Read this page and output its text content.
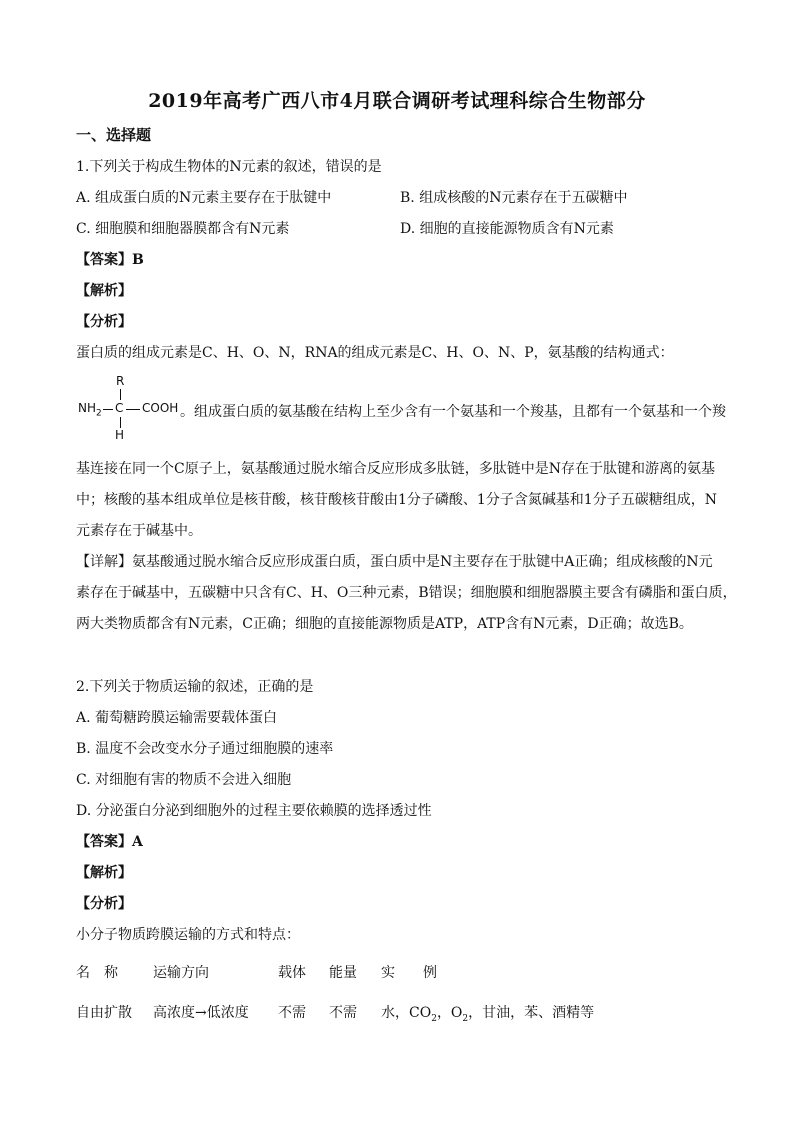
2019年高考广西八市4月联合调研考试理科综合生物部分
一、选择题
1.下列关于构成生物体的N元素的叙述，错误的是
A. 组成蛋白质的N元素主要存在于肽键中	B. 组成核酸的N元素存在于五碳糖中
C. 细胞膜和细胞器膜都含有N元素	D. 细胞的直接能源物质含有N元素
【答案】B
【解析】
【分析】
蛋白质的组成元素是C、H、O、N，RNA的组成元素是C、H、O、N、P，氨基酸的结构通式：
R
$NH_2$ C COOH
H
。组成蛋白质的氨基酸在结构上至少含有一个氨基和一个羧基，且都有一个氨基和一个羧
基连接在同一个C原子上，氨基酸通过脱水缩合反应形成多肽链，多肽链中是N存在于肽键和游离的氨基
中；核酸的基本组成单位是核苷酸，核苷酸核苷酸由1分子磷酸、1分子含氮碱基和1分子五碳糖组成，N
元素存在于碱基中。
【详解】氨基酸通过脱水缩合反应形成蛋白质，蛋白质中是N主要存在于肽键中A正确；组成核酸的N元
素存在于碱基中，五碳糖中只含有C、H、O三种元素，B错误；细胞膜和细胞器膜主要含有磷脂和蛋白质，
两大类物质都含有N元素，C正确；细胞的直接能源物质是ATP，ATP含有N元素，D正确；故选B。
2.下列关于物质运输的叙述，正确的是
A. 葡萄糖跨膜运输需要载体蛋白
B. 温度不会改变水分子通过细胞膜的速率
C. 对细胞有害的物质不会进入细胞
D. 分泌蛋白分泌到细胞外的过程主要依赖膜的选择透过性
【答案】A
【解析】
【分析】
小分子物质跨膜运输的方式和特点：
名　称	运输方向	载体 能量 实　　例
自由扩散 高浓度→低浓度 不需 不需 水，$CO_2$，$O_2$，甘油，苯、酒精等
